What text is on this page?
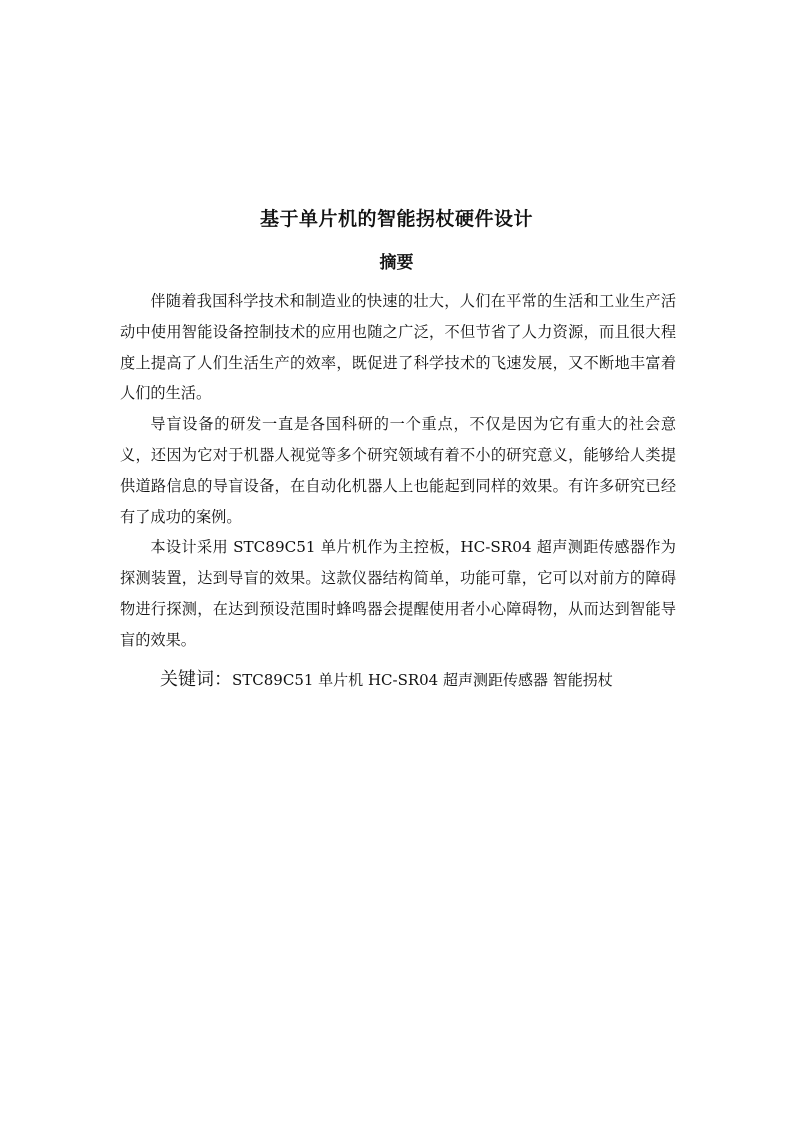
基于单片机的智能拐杖硬件设计
摘要

伴随着我国科学技术和制造业的快速的壮大，人们在平常的生活和工业生产活动中使用智能设备控制技术的应用也随之广泛，不但节省了人力资源，而且很大程度上提高了人们生活生产的效率，既促进了科学技术的飞速发展，又不断地丰富着人们的生活。

导盲设备的研发一直是各国科研的一个重点，不仅是因为它有重大的社会意义，还因为它对于机器人视觉等多个研究领域有着不小的研究意义，能够给人类提供道路信息的导盲设备，在自动化机器人上也能起到同样的效果。有许多研究已经有了成功的案例。

本设计采用 STC89C51 单片机作为主控板，HC-SR04 超声测距传感器作为探测装置，达到导盲的效果。这款仪器结构简单，功能可靠，它可以对前方的障碍物进行探测，在达到预设范围时蜂鸣器会提醒使用者小心障碍物，从而达到智能导盲的效果。

关键词：STC89C51 单片机 HC-SR04 超声测距传感器 智能拐杖
